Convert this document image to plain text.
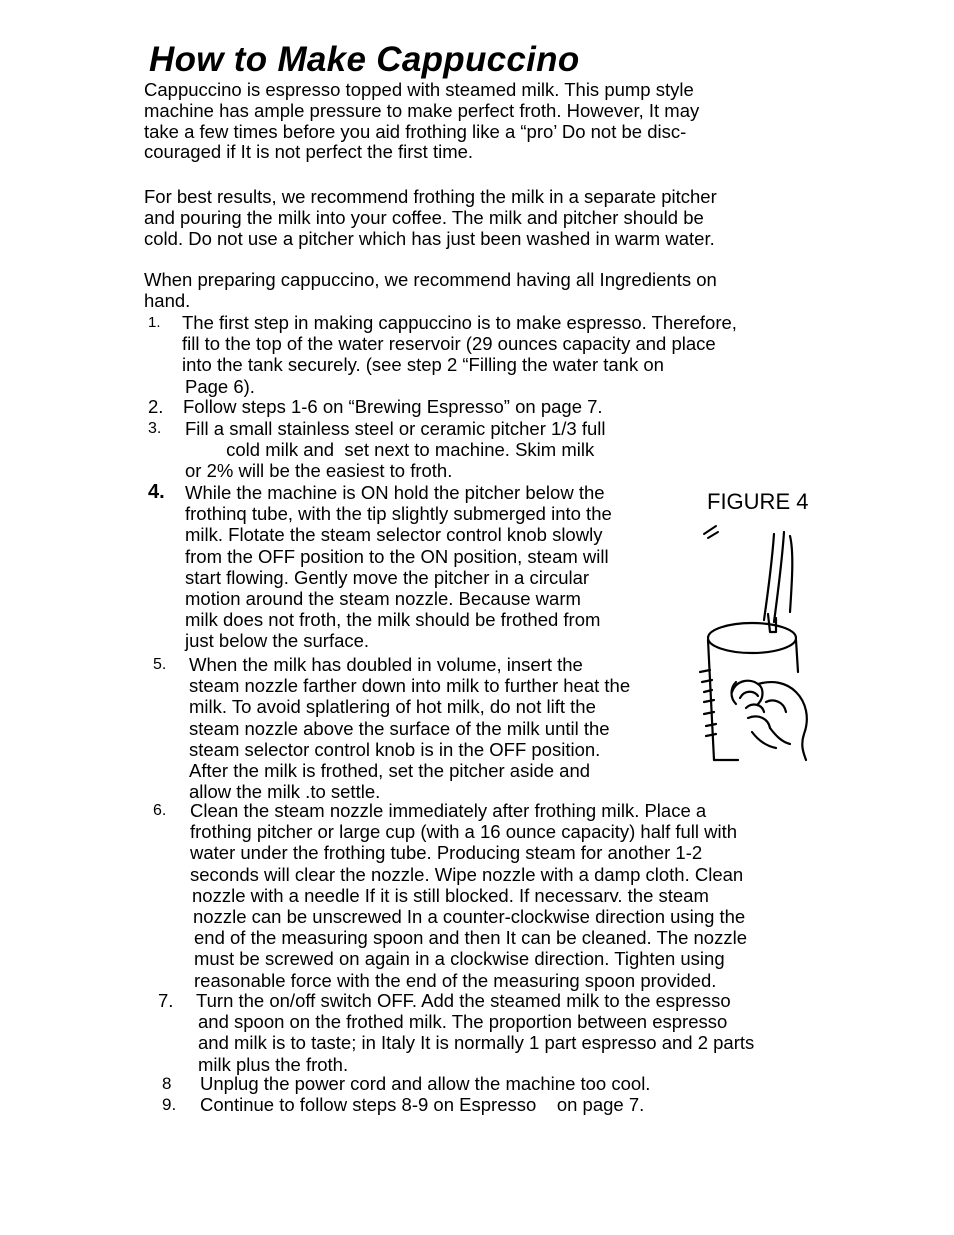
How to Make Cappuccino
Cappuccino is espresso topped with steamed milk. This pump style
machine has ample pressure to make perfect froth. However, It may
take a few times before you aid frothing like a “pro’ Do not be disc-
couraged if It is not perfect the first time.
For best results, we recommend frothing the milk in a separate pitcher
and pouring the milk into your coffee. The milk and pitcher should be
cold. Do not use a pitcher which has just been washed in warm water.
When preparing cappuccino, we recommend having all Ingredients on
hand.
1. The first step in making cappuccino is to make espresso. Therefore,
fill to the top of the water reservoir (29 ounces capacity and place
into the tank securely. (see step 2 “Filling the water tank on
Page 6).
2. Follow steps 1-6 on “Brewing Espresso” on page 7.
3. Fill a small stainless steel or ceramic pitcher 1/3 full
cold milk and  set next to machine. Skim milk
or 2% will be the easiest to froth.
4. While the machine is ON hold the pitcher below the
frothinq tube, with the tip slightly submerged into the
milk. Flotate the steam selector control knob slowly
from the OFF position to the ON position, steam will
start flowing. Gently move the pitcher in a circular
motion around the steam nozzle. Because warm
milk does not froth, the milk should be frothed from
just below the surface.
5. When the milk has doubled in volume, insert the
steam nozzle farther down into milk to further heat the
milk. To avoid splatlering of hot milk, do not lift the
steam nozzle above the surface of the milk until the
steam selector control knob is in the OFF position.
After the milk is frothed, set the pitcher aside and
allow the milk .to settle.
6. Clean the steam nozzle immediately after frothing milk. Place a
frothing pitcher or large cup (with a 16 ounce capacity) half full with
water under the frothing tube. Producing steam for another 1-2
seconds will clear the nozzle. Wipe nozzle with a damp cloth. Clean
nozzle with a needle If it is still blocked. If necessarv. the steam
nozzle can be unscrewed In a counter-clockwise direction using the
end of the measuring spoon and then It can be cleaned. The nozzle
must be screwed on again in a clockwise direction. Tighten using
reasonable force with the end of the measuring spoon provided.
7. Turn the on/off switch OFF. Add the steamed milk to the espresso
and spoon on the frothed milk. The proportion between espresso
and milk is to taste; in Italy It is normally 1 part espresso and 2 parts
milk plus the froth.
8 Unplug the power cord and allow the machine too cool.
9. Continue to follow steps 8-9 on Espresso    on page 7.
FIGURE 4
